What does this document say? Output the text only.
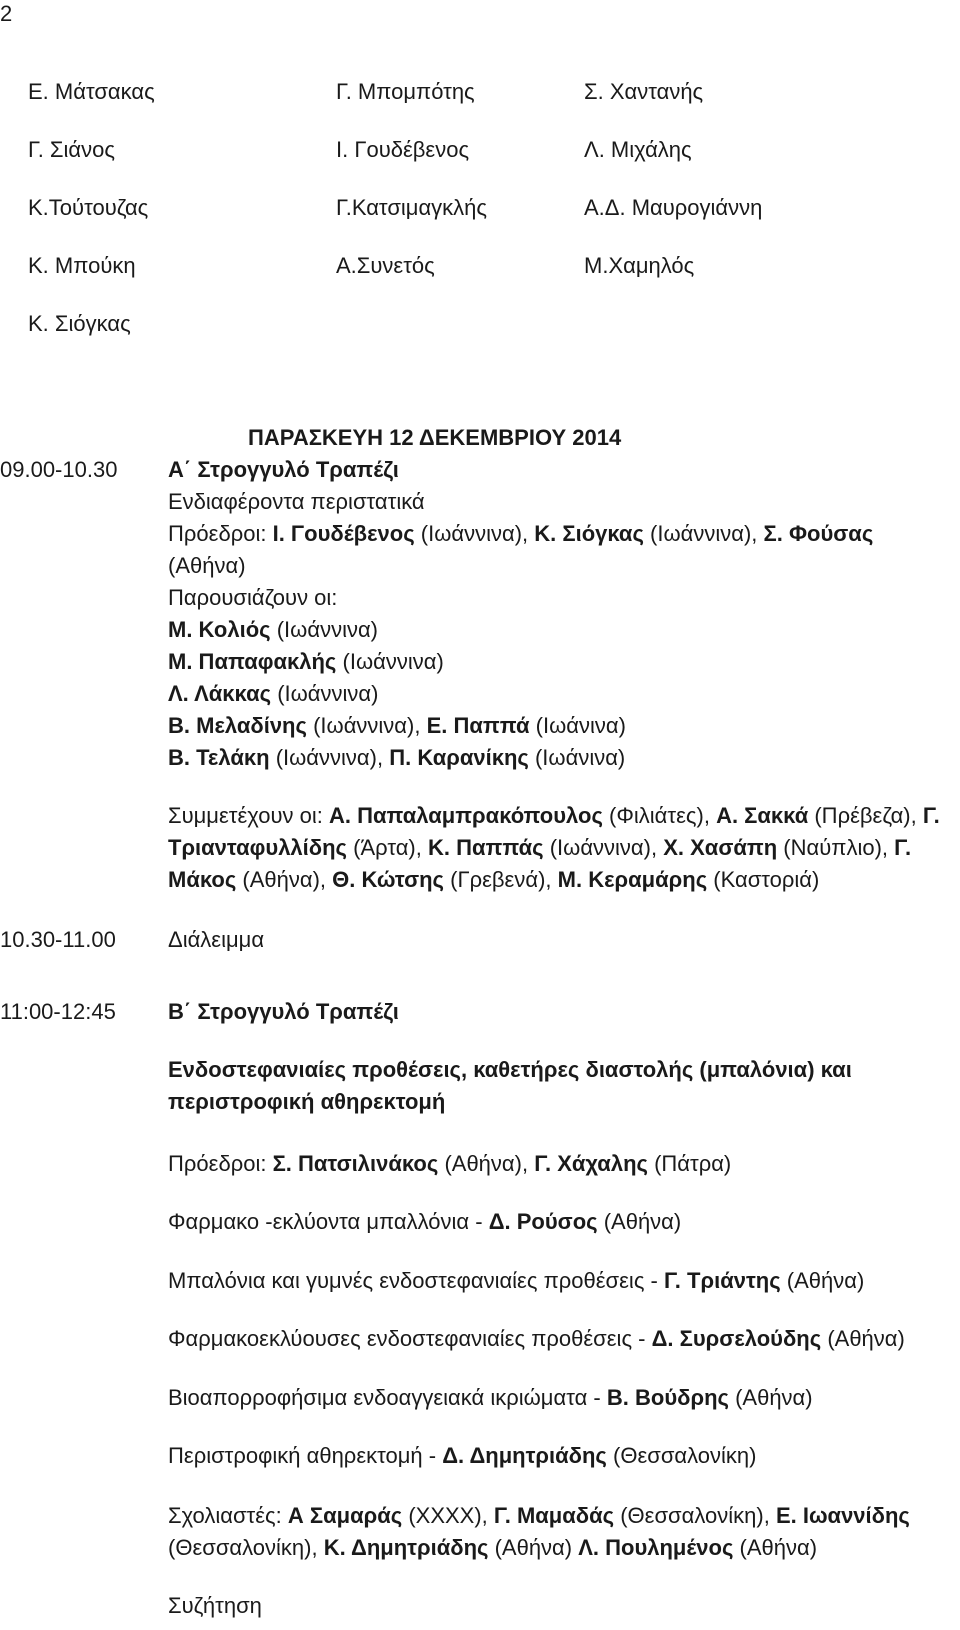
2
Ε. Μάτσακας
Γ. Σιάνος
Κ.Τούτουζας
Κ. Μπούκη
Κ. Σιόγκας
Γ. Μπομπότης
Ι. Γουδέβενος
Γ.Κατσιμαγκλής
Α.Συνετός
Σ. Χαντανής
Λ. Μιχάλης
Α.Δ. Μαυρογιάννη
Μ.Χαμηλός
ΠΑΡΑΣΚΕΥΗ 12 ΔΕΚΕΜΒΡΙΟΥ 2014
09.00-10.30 Α΄ Στρογγυλό Τραπέζι
Ενδιαφέροντα περιστατικά
Πρόεδροι: Ι. Γουδέβενος (Ιωάννινα), Κ. Σιόγκας (Ιωάννινα), Σ. Φούσας
(Αθήνα)
Παρουσιάζουν οι:
Μ. Κολιός (Ιωάννινα)
Μ. Παπαφακλής (Ιωάννινα)
Λ. Λάκκας (Ιωάννινα)
Β. Μελαδίνης (Ιωάννινα), Ε. Παππά (Ιωάνινα)
Β. Τελάκη (Ιωάννινα), Π. Καρανίκης (Ιωάνινα)
Συμμετέχουν οι: Α. Παπαλαμπρακόπουλος (Φιλιάτες), Α. Σακκά (Πρέβεζα), Γ. Τριανταφυλλίδης (Άρτα), Κ. Παππάς (Ιωάννινα), Χ. Χασάπη (Ναύπλιο), Γ. Μάκος (Αθήνα), Θ. Κώτσης (Γρεβενά), Μ. Κεραμάρης (Καστοριά)
10.30-11.00 Διάλειμμα
11:00-12:45 Β΄ Στρογγυλό Τραπέζι
Ενδοστεφανιαίες προθέσεις, καθετήρες διαστολής (μπαλόνια) και περιστροφική αθηρεκτομή
Πρόεδροι: Σ. Πατσιλινάκος (Αθήνα), Γ. Χάχαλης (Πάτρα)
Φαρμακο -εκλύοντα μπαλλόνια - Δ. Ρούσος (Αθήνα)
Μπαλόνια και γυμνές ενδοστεφανιαίες προθέσεις - Γ. Τριάντης (Αθήνα)
Φαρμακοεκλύουσες ενδοστεφανιαίες προθέσεις - Δ. Συρσελούδης (Αθήνα)
Βιοαπορροφήσιμα ενδοαγγειακά ικριώματα - Β. Βούδρης (Αθήνα)
Περιστροφική αθηρεκτομή - Δ. Δημητριάδης (Θεσσαλονίκη)
Σχολιαστές: Α Σαμαράς (ΧΧΧΧ), Γ. Μαμαδάς (Θεσσαλονίκη), Ε. Ιωαννίδης (Θεσσαλονίκη), Κ. Δημητριάδης (Αθήνα) Λ. Πουλημένος (Αθήνα)
Συζήτηση
